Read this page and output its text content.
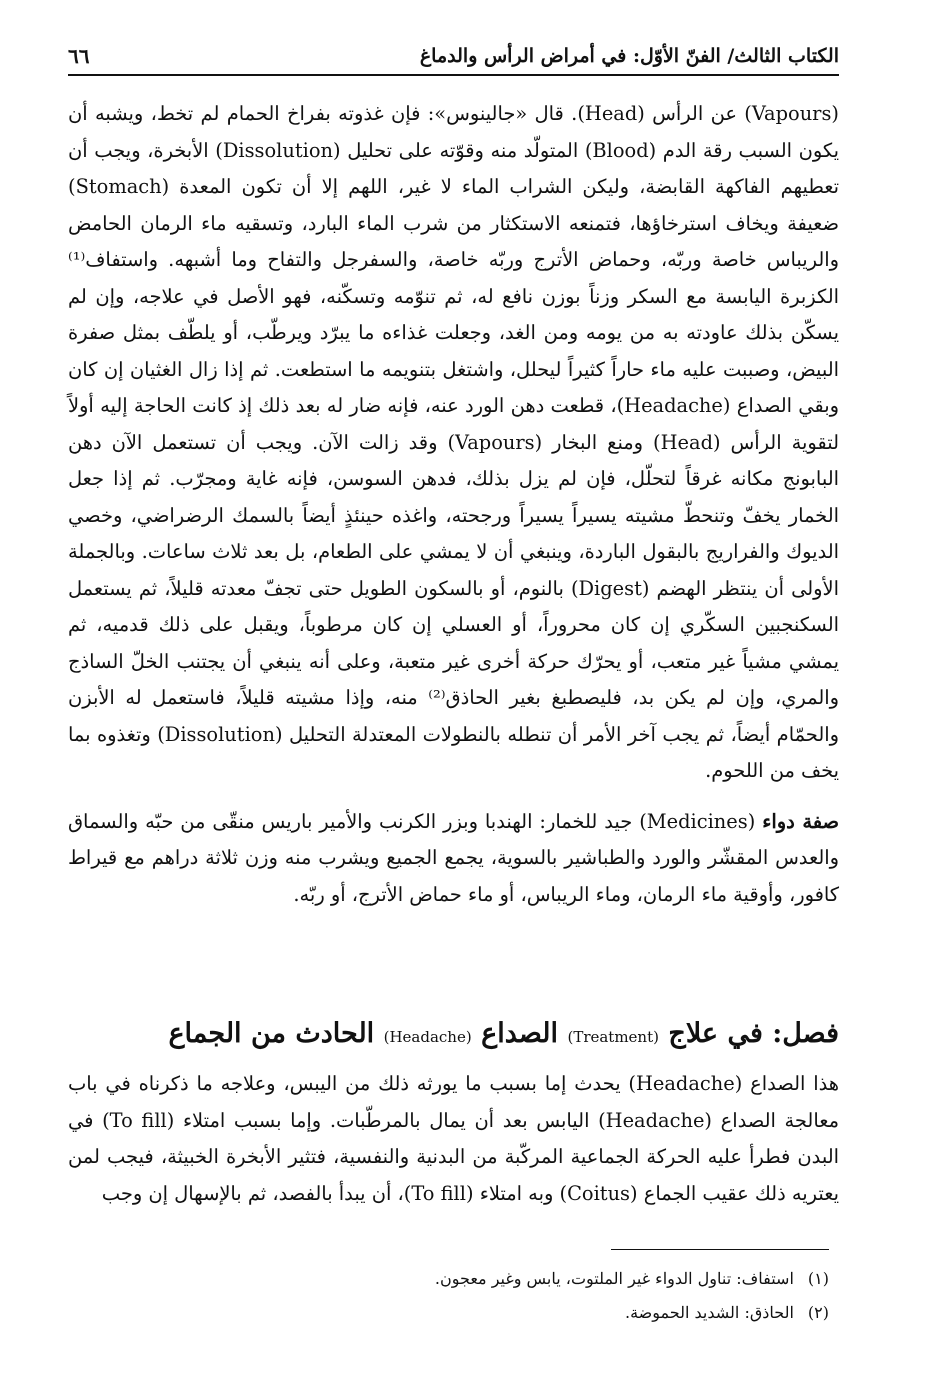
الكتاب الثالث/ الفنّ الأوّل: في أمراض الرأس والدماغ
٦٦

(Vapours) عن الرأس (Head). قال «جالينوس»: فإن غذوته بفراخ الحمام لم تخط، ويشبه أن يكون السبب رقة الدم (Blood) المتولّد منه وقوّته على تحليل (Dissolution) الأبخرة، ويجب أن تعطيهم الفاكهة القابضة، وليكن الشراب الماء لا غير، اللهم إلا أن تكون المعدة (Stomach) ضعيفة ويخاف استرخاؤها، فتمنعه الاستكثار من شرب الماء البارد، وتسقيه ماء الرمان الحامض والريباس خاصة وربّه، وحماض الأترج وربّه خاصة، والسفرجل والتفاح وما أشبهه. واستفاف⁽¹⁾ الكزبرة اليابسة مع السكر وزناً بوزن نافع له، ثم تنوّمه وتسكّنه، فهو الأصل في علاجه، وإن لم يسكّن بذلك عاودته به من يومه ومن الغد، وجعلت غذاءه ما يبرّد ويرطّب، أو يلطّف بمثل صفرة البيض، وصببت عليه ماء حاراً كثيراً ليحلل، واشتغل بتنويمه ما استطعت. ثم إذا زال الغثيان إن كان وبقي الصداع (Headache)، قطعت دهن الورد عنه، فإنه ضار له بعد ذلك إذ كانت الحاجة إليه أولاً لتقوية الرأس (Head) ومنع البخار (Vapours) وقد زالت الآن. ويجب أن تستعمل الآن دهن البابونج مكانه غرقاً لتحلّل، فإن لم يزل بذلك، فدهن السوسن، فإنه غاية ومجرّب. ثم إذا جعل الخمار يخفّ وتنحطّ مشيته يسيراً يسيراً ورجحته، واغذه حينئذٍ أيضاً بالسمك الرضراضي، وخصي الديوك والفراريج بالبقول الباردة، وينبغي أن لا يمشي على الطعام، بل بعد ثلاث ساعات. وبالجملة الأولى أن ينتظر الهضم (Digest) بالنوم، أو بالسكون الطويل حتى تجفّ معدته قليلاً، ثم يستعمل السكنجبين السكّري إن كان محروراً، أو العسلي إن كان مرطوباً، ويقبل على ذلك قدميه، ثم يمشي مشياً غير متعب، أو يحرّك حركة أخرى غير متعبة، وعلى أنه ينبغي أن يجتنب الخلّ الساذج والمري، وإن لم يكن بد، فليصطبغ بغير الحاذق⁽²⁾ منه، وإذا مشيته قليلاً، فاستعمل له الأبزن والحمّام أيضاً، ثم يجب آخر الأمر أن تنطله بالنطولات المعتدلة التحليل (Dissolution) وتغذوه بما يخف من اللحوم.

صفة دواء (Medicines) جيد للخمار: الهندبا وبزر الكرنب والأمير باريس منقّى من حبّه والسماق والعدس المقشّر والورد والطباشير بالسوية، يجمع الجميع ويشرب منه وزن ثلاثة دراهم مع قيراط كافور، وأوقية ماء الرمان، وماء الريباس، أو ماء حماض الأترج، أو ربّه.

فصل: في علاج (Treatment) الصداع (Headache) الحادث من الجماع

هذا الصداع (Headache) يحدث إما بسبب ما يورثه ذلك من اليبس، وعلاجه ما ذكرناه في باب معالجة الصداع (Headache) اليابس بعد أن يمال بالمرطّبات. وإما بسبب امتلاء (To fill) في البدن فطرأ عليه الحركة الجماعية المركّبة من البدنية والنفسية، فتثير الأبخرة الخبيثة، فيجب لمن يعتريه ذلك عقيب الجماع (Coitus) وبه امتلاء (To fill)، أن يبدأ بالفصد، ثم بالإسهال إن وجب

(١)استفاف: تناول الدواء غير الملتوت، يابس وغير معجون.
(٢)الحاذق: الشديد الحموضة.
